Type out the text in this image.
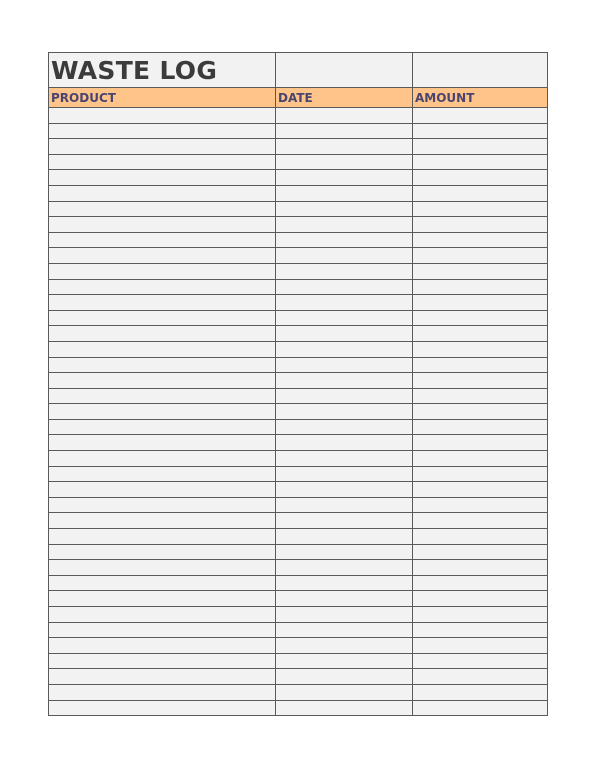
WASTE LOG		
PRODUCT	DATE	AMOUNT
